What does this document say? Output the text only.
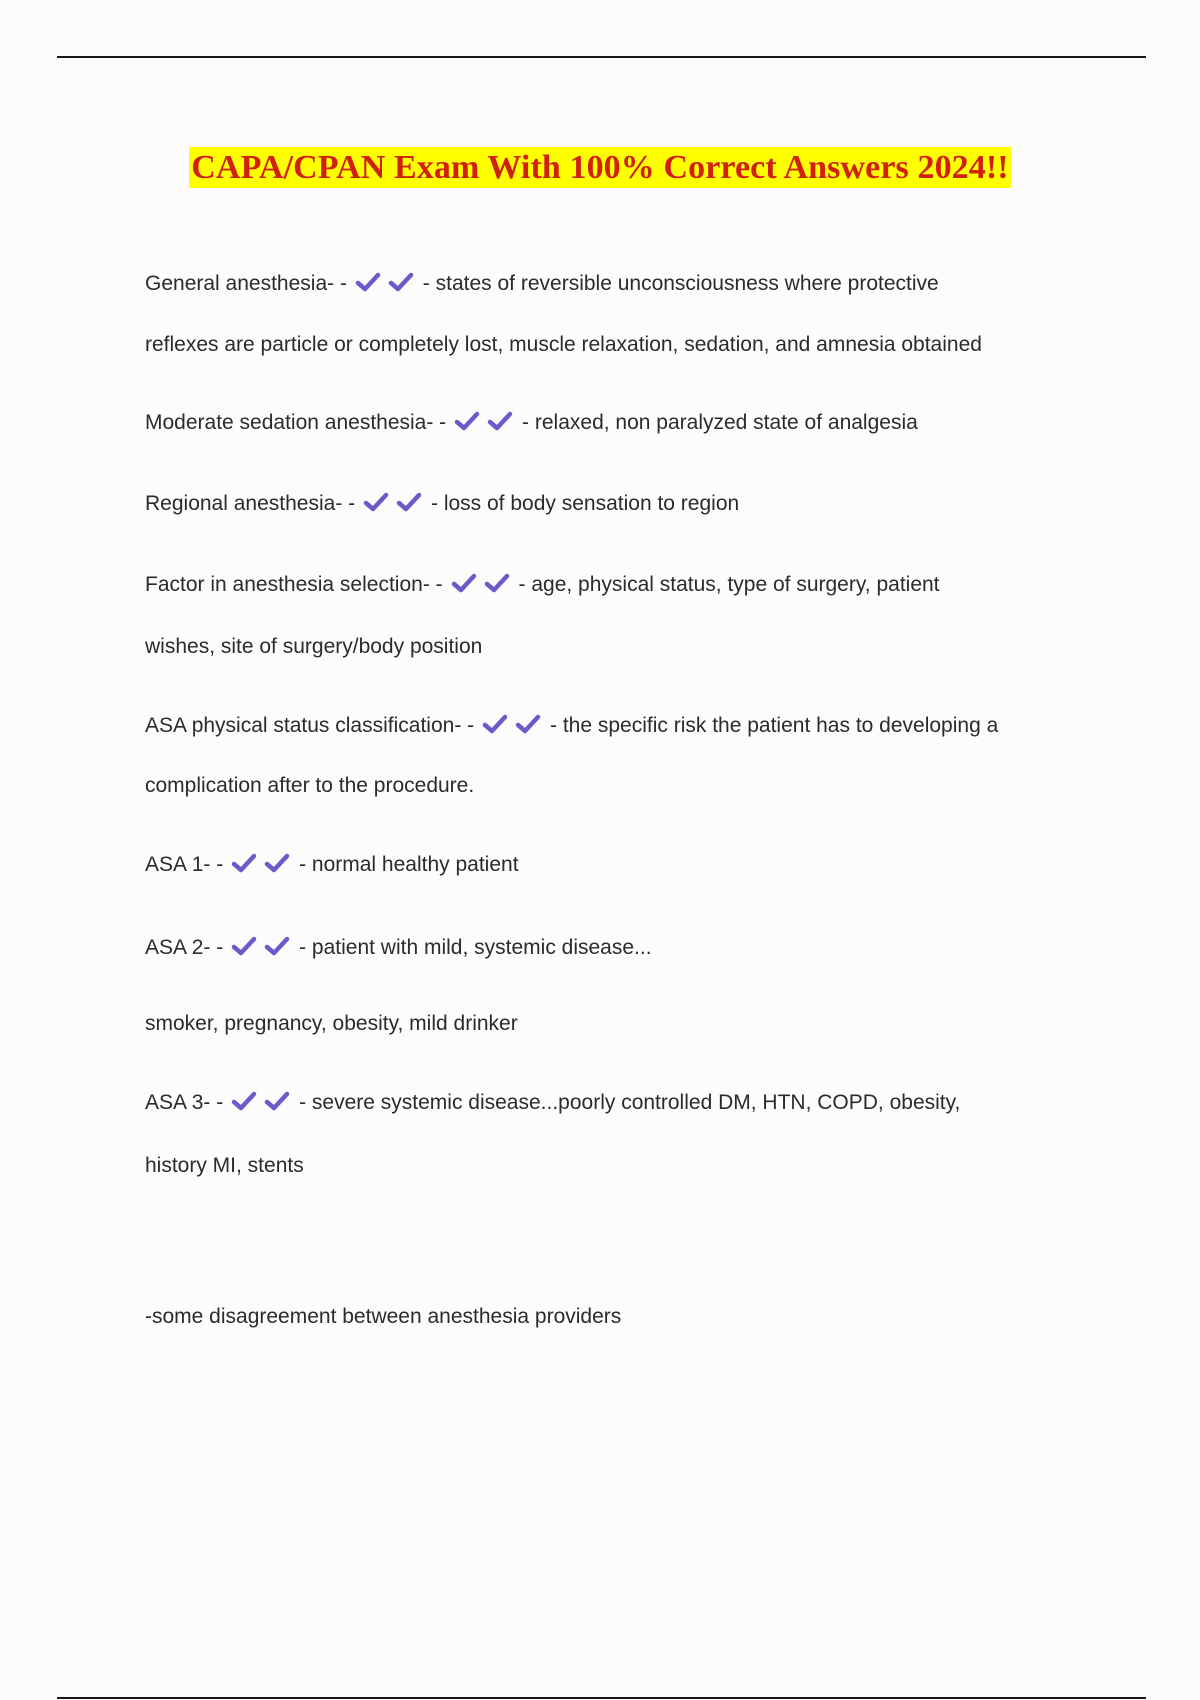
CAPA/CPAN Exam With 100% Correct Answers 2024!!
General anesthesia- -	- states of reversible unconsciousness where protective
reflexes are particle or completely lost, muscle relaxation, sedation, and amnesia obtained
Moderate sedation anesthesia- -	- relaxed, non paralyzed state of analgesia
Regional anesthesia- -	- loss of body sensation to region
Factor in anesthesia selection- -	- age, physical status, type of surgery, patient
wishes, site of surgery/body position
ASA physical status classification- -	- the specific risk the patient has to developing a
complication after to the procedure.
ASA 1- -	- normal healthy patient
ASA 2- -	- patient with mild, systemic disease...
smoker, pregnancy, obesity, mild drinker
ASA 3- -	- severe systemic disease...poorly controlled DM, HTN, COPD, obesity,
history MI, stents
-some disagreement between anesthesia providers
